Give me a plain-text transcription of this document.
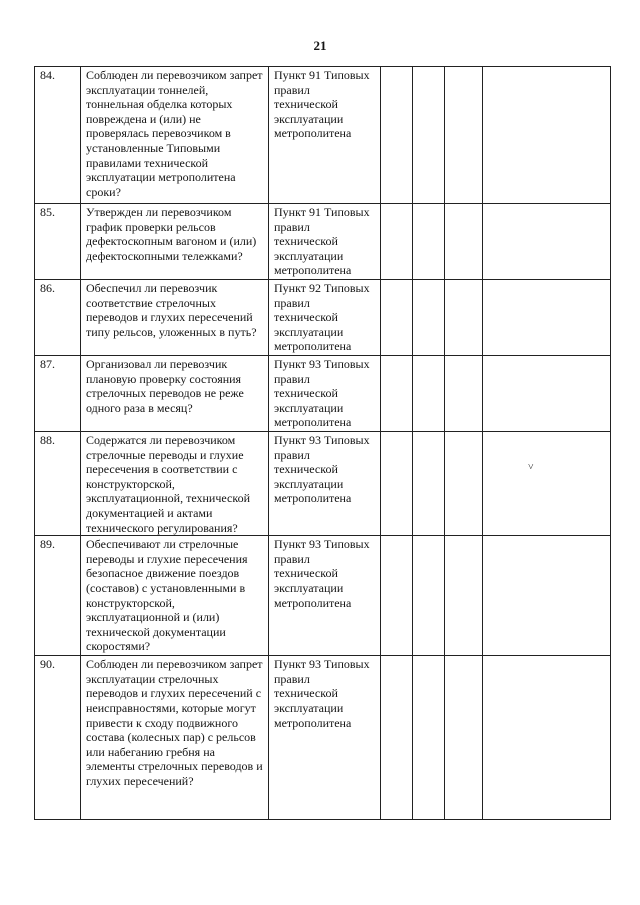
21
84.	Соблюден ли перевозчиком запрет эксплуатации тоннелей, тоннельная обделка которых повреждена и (или) не проверялась перевозчиком в установленные Типовыми правилами технической эксплуатации метрополитена сроки?	Пункт 91 Типовых правил технической эксплуатации метрополитена				
85.	Утвержден ли перевозчиком график проверки рельсов дефектоскопным вагоном и (или) дефектоскопными тележками?	Пункт 91 Типовых правил технической эксплуатации метрополитена				
86.	Обеспечил ли перевозчик соответствие стрелочных переводов и глухих пересечений типу рельсов, уложенных в путь?	Пункт 92 Типовых правил технической эксплуатации метрополитена				
87.	Организовал ли перевозчик плановую проверку состояния стрелочных переводов не реже одного раза в месяц?	Пункт 93 Типовых правил технической эксплуатации метрополитена				
88.	Содержатся ли перевозчиком стрелочные переводы и глухие пересечения в соответствии с конструкторской, эксплуатационной, технической документацией и актами технического регулирования?	Пункт 93 Типовых правил технической эксплуатации метрополитена				
89.	Обеспечивают ли стрелочные переводы и глухие пересечения безопасное движение поездов (составов) с установленными в конструкторской, эксплуатационной и (или) технической документации скоростями?	Пункт 93 Типовых правил технической эксплуатации метрополитена				
90.	Соблюден ли перевозчиком запрет эксплуатации стрелочных переводов и глухих пересечений с неисправностями, которые могут привести к сходу подвижного состава (колесных пар) с рельсов или набеганию гребня на элементы стрелочных переводов и глухих пересечений?	Пункт 93 Типовых правил технической эксплуатации метрополитена				
˅
